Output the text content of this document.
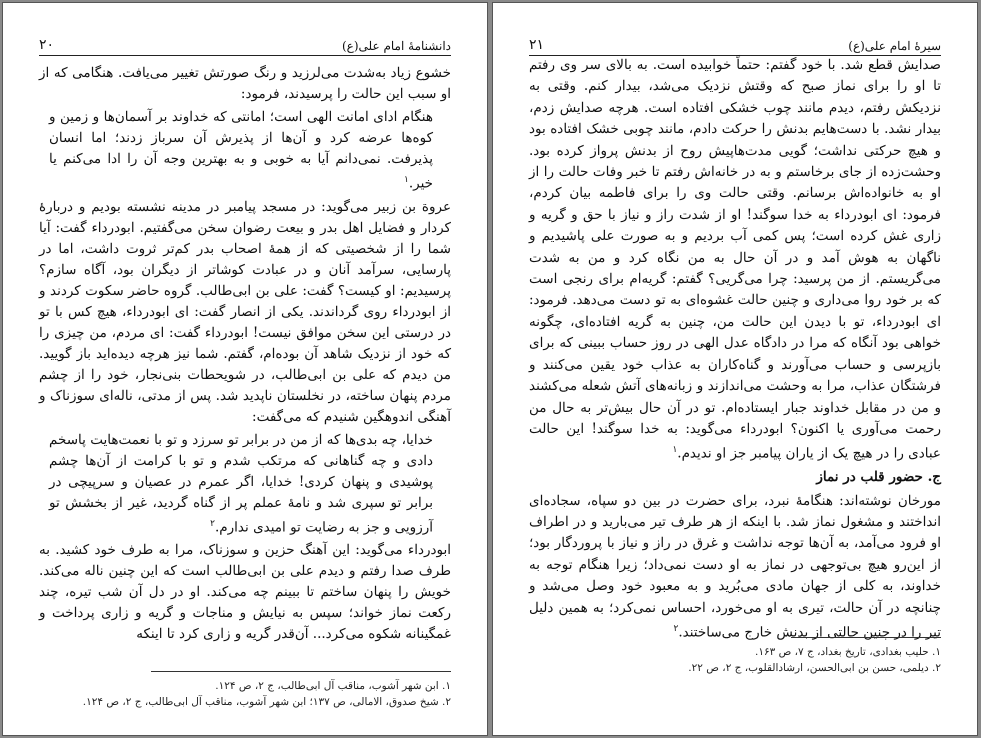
دانشنامهٔ امام علی(ع)
۲۰

خشوع زیاد به‌شدت می‌لرزید و رنگ صورتش تغییر می‌یافت. هنگامی که از او سبب این حالت را پرسیدند، فرمود:

هنگام ادای امانت الهی است؛ امانتی که خداوند بر آسمان‌ها و زمین و کوه‌ها عرضه کرد و آن‌ها از پذیرش آن سرباز زدند؛ اما انسان پذیرفت. نمی‌دانم آیا به خوبی و به بهترین وجه آن را ادا می‌کنم یا خیر.$^۱$

عروة بن زبیر می‌گوید: در مسجد پیامبر در مدینه نشسته بودیم و دربارهٔ کردار و فضایل اهل بدر و بیعت رضوان سخن می‌گفتیم. ابودرداء گفت: آیا شما را از شخصیتی که از همهٔ اصحاب بدر کم‌تر ثروت داشت، اما در پارسایی، سرآمد آنان و در عبادت کوشاتر از دیگران بود، آگاه سازم؟ پرسیدیم: او کیست؟ گفت: علی بن ابی‌طالب. گروه حاضر سکوت کردند و از ابودرداء روی گرداندند. یکی از انصار گفت: ای ابودرداء، هیچ کس با تو در درستی این سخن موافق نیست! ابودرداء گفت: ای مردم، من چیزی را که خود از نزدیک شاهد آن بوده‌ام، گفتم. شما نیز هرچه دیده‌اید باز گویید. من دیدم که علی بن ابی‌طالب، در شویحطات بنی‌نجار، خود را از چشم مردم پنهان ساخته، در نخلستان ناپدید شد. پس از مدتی، ناله‌ای سوزناک و آهنگی اندوهگین شنیدم که می‌گفت:

خدایا، چه بدی‌ها که از من در برابر تو سرزد و تو با نعمت‌هایت پاسخم دادی و چه گناهانی که مرتکب شدم و تو با کرامت از آن‌ها چشم پوشیدی و پنهان کردی! خدایا، اگر عمرم در عصیان و سرپیچی در برابر تو سپری شد و نامهٔ عملم پر از گناه گردید، غیر از بخشش تو آرزویی و جز به رضایت تو امیدی ندارم.$^۲$

ابودرداء می‌گوید: این آهنگ حزین و سوزناک، مرا به طرف خود کشید. به طرف صدا رفتم و دیدم علی بن ابی‌طالب است که این چنین ناله می‌کند. خویش را پنهان ساختم تا ببینم چه می‌کند. او در دل آن شب تیره، چند رکعت نماز خواند؛ سپس به نیایش و مناجات و گریه و زاری پرداخت و غمگینانه شکوه می‌کرد... آن‌قدر گریه و زاری کرد تا اینکه

۱. ابن شهر آشوب، مناقب آل ابی‌طالب، ج ۲، ص ۱۲۴.
۲. شیخ صدوق، الامالی، ص ۱۳۷؛ ابن شهر آشوب، مناقب آل ابی‌طالب، ج ۲، ص ۱۲۴.
سیرهٔ امام علی(ع)
۲۱

صدایش قطع شد. با خود گفتم: حتماً خوابیده است. به بالای سر وی رفتم تا او را برای نماز صبح که وقتش نزدیک می‌شد، بیدار کنم. وقتی به نزدیکش رفتم، دیدم مانند چوب خشکی افتاده است. هرچه صدایش زدم، بیدار نشد. با دست‌هایم بدنش را حرکت دادم، مانند چوبی خشک افتاده بود و هیچ حرکتی نداشت؛ گویی مدت‌هاپیش روح از بدنش پرواز کرده بود. وحشت‌زده از جای برخاستم و به در خانه‌اش رفتم تا خبر وفات حالت را از او به خانواده‌اش برسانم. وقتی حالت وی را برای فاطمه بیان کردم، فرمود: ای ابودرداء به خدا سوگند! او از شدت راز و نیاز با حق و گریه و زاری غش کرده است؛ پس کمی آب بردیم و به صورت علی پاشیدیم و ناگهان به هوش آمد و در آن حال به من نگاه کرد و من به شدت می‌گریستم. از من پرسید: چرا می‌گریی؟ گفتم: گریه‌ام برای رنجی است که بر خود روا می‌داری و چنین حالت غشوه‌ای به تو دست می‌دهد. فرمود: ای ابودرداء، تو با دیدن این حالت من، چنین به گریه افتاده‌ای، چگونه خواهی بود آنگاه که مرا در دادگاه عدل الهی در روز حساب ببینی که برای بازپرسی و حساب می‌آورند و گناه‌کاران به عذاب خود یقین می‌کنند و فرشتگان عذاب، مرا به وحشت می‌اندازند و زبانه‌های آتش شعله می‌کشند و من در مقابل خداوند جبار ایستاده‌ام. تو در آن حال بیش‌تر به حال من رحمت می‌آوری یا اکنون؟ ابودرداء می‌گوید: به خدا سوگند! این حالت عبادی را در هیچ یک از یاران پیامبر جز او ندیدم.$^۱$

ج. حضور قلب در نماز

مورخان نوشته‌اند: هنگامهٔ نبرد، برای حضرت در بین دو سپاه، سجاده‌ای انداختند و مشغول نماز شد. با اینکه از هر طرف تیر می‌بارید و در اطراف او فرود می‌آمد، به آن‌ها توجه نداشت و غرق در راز و نیاز با پروردگار بود؛ از این‌رو هیچ بی‌توجهی در نماز به او دست نمی‌داد؛ زیرا هنگام توجه به خداوند، به کلی از جهان مادی می‌بُرید و به معبود خود وصل می‌شد و چنانچه در آن حالت، تیری به او می‌خورد، احساس نمی‌کرد؛ به همین دلیل تیر را در چنین حالتی از بدنش خارج می‌ساختند.$^۲$

۱. حلیب بغدادی، تاریخ بغداد، ج ۷، ص ۱۶۳.
۲. دیلمی، حسن بن ابی‌الحسن، ارشادالقلوب، ج ۲، ص ۲۲.
